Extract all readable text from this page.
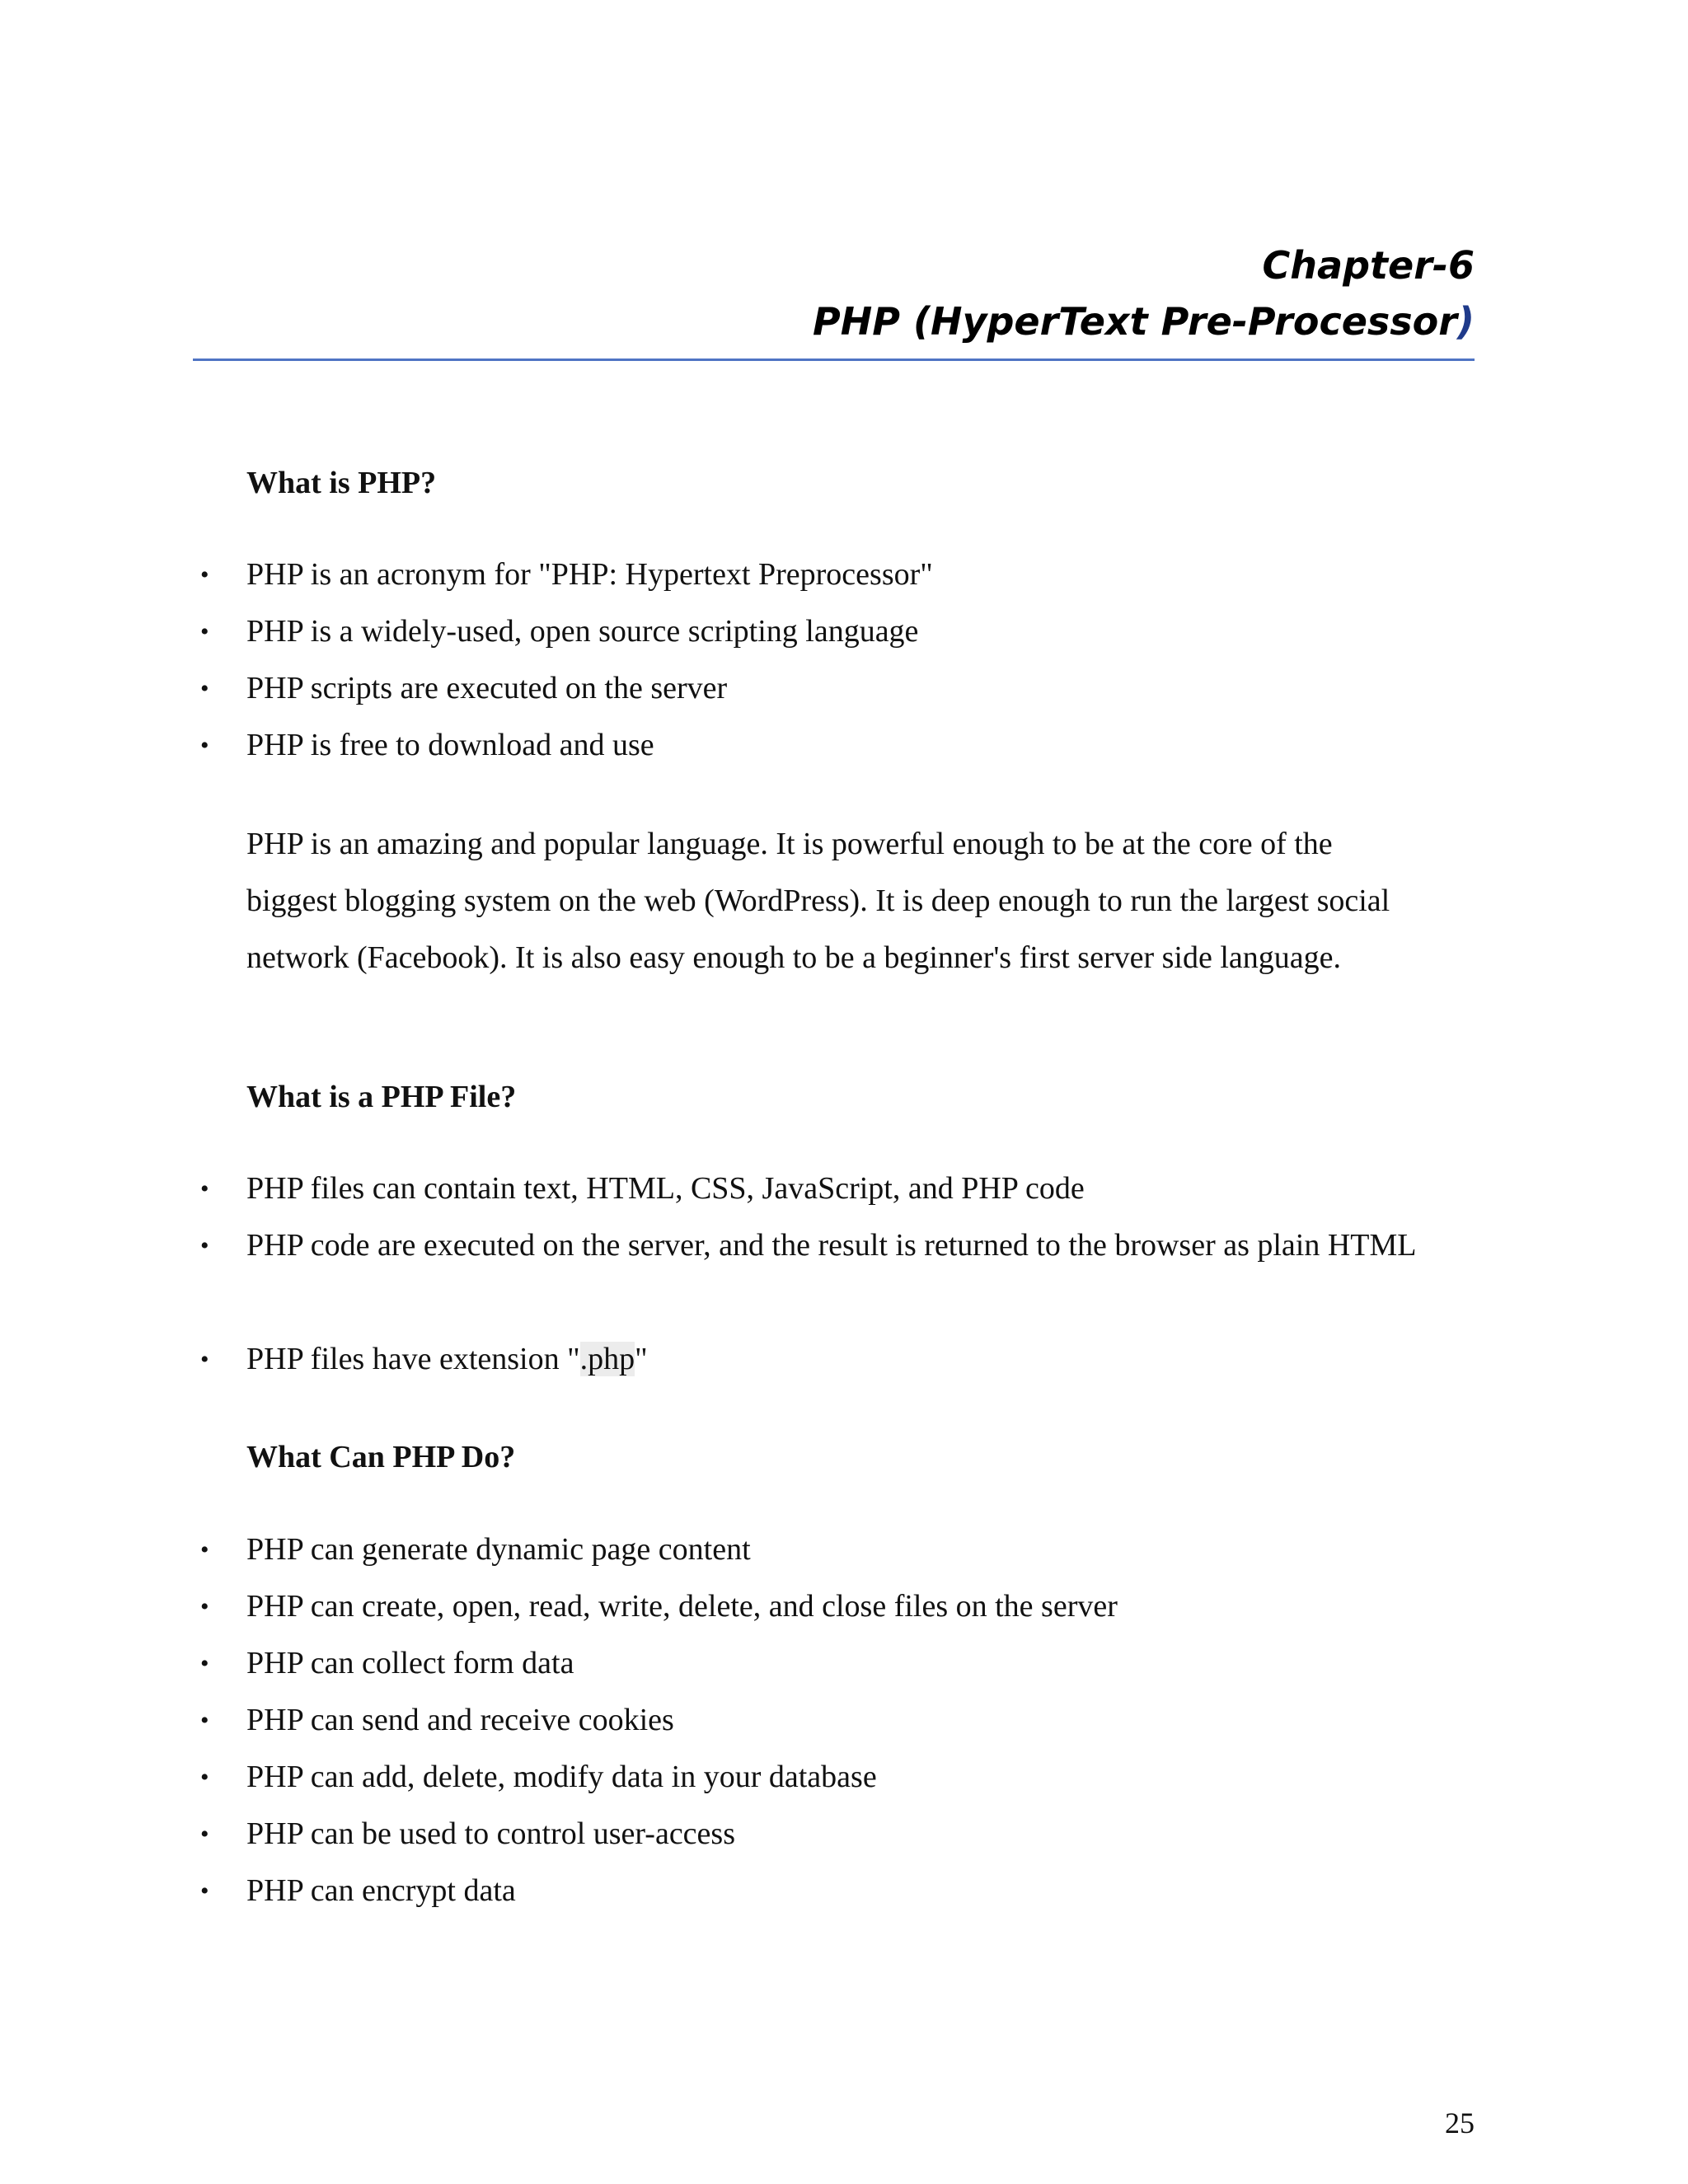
Chapter-6
PHP (HyperText Pre-Processor)
What is PHP?
• PHP is an acronym for "PHP: Hypertext Preprocessor"
• PHP is a widely-used, open source scripting language
• PHP scripts are executed on the server
• PHP is free to download and use
PHP is an amazing and popular language. It is powerful enough to be at the core of the biggest blogging system on the web (WordPress). It is deep enough to run the largest social network (Facebook). It is also easy enough to be a beginner's first server side language.
What is a PHP File?
• PHP files can contain text, HTML, CSS, JavaScript, and PHP code
• PHP code are executed on the server, and the result is returned to the browser as plain HTML
• PHP files have extension ".php"
What Can PHP Do?
• PHP can generate dynamic page content
• PHP can create, open, read, write, delete, and close files on the server
• PHP can collect form data
• PHP can send and receive cookies
• PHP can add, delete, modify data in your database
• PHP can be used to control user-access
• PHP can encrypt data
25
